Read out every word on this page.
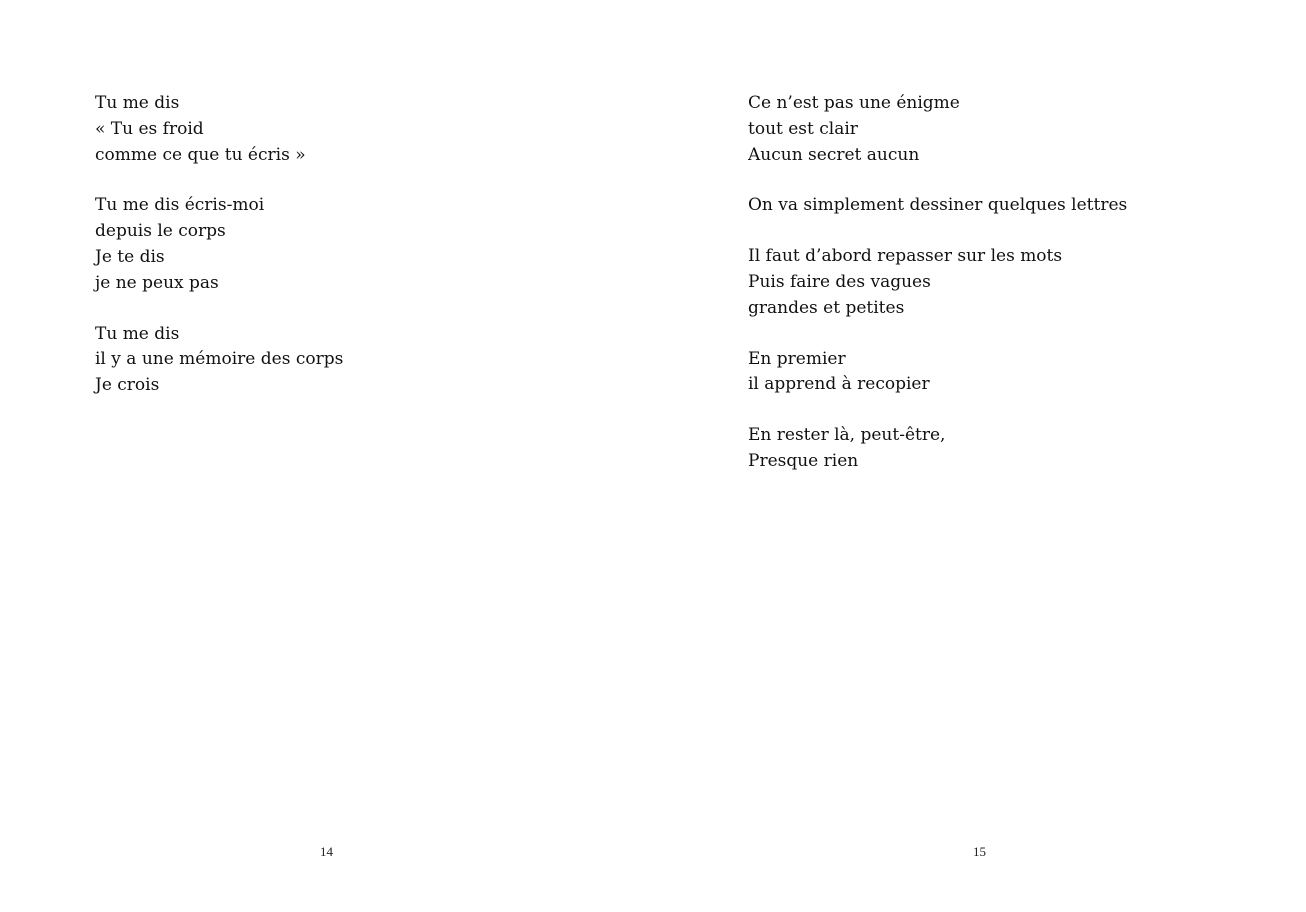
Tu me dis
« Tu es froid
comme ce que tu écris »

Tu me dis écris-moi
depuis le corps
Je te dis
je ne peux pas

Tu me dis
il y a une mémoire des corps
Je crois

14

Ce n’est pas une énigme
tout est clair
Aucun secret aucun

On va simplement dessiner quelques lettres

Il faut d’abord repasser sur les mots
Puis faire des vagues
grandes et petites

En premier
il apprend à recopier

En rester là, peut-être,
Presque rien

15
